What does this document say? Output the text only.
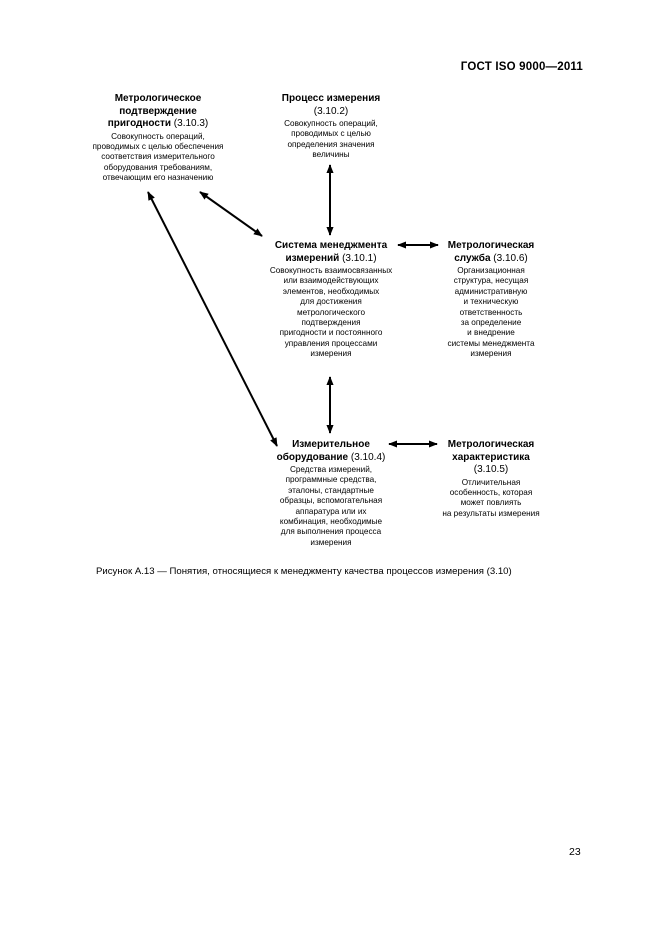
ГОСТ ISO 9000—2011
Метрологическое
подтверждение
пригодности (3.10.3)
Совокупность операций,
проводимых с целью обеспечения
соответствия измерительного
оборудования требованиям,
отвечающим его назначению
Процесс измерения
(3.10.2)
Совокупность операций,
проводимых с целью
определения значения
величины
Система менеджмента
измерений (3.10.1)
Совокупность взаимосвязанных
или взаимодействующих
элементов, необходимых
для достижения
метрологического
подтверждения
пригодности и постоянного
управления процессами
измерения
Метрологическая
служба (3.10.6)
Организационная
структура, несущая
административную
и техническую
ответственность
за определение
и внедрение
системы менеджмента
измерения
Измерительное
оборудование (3.10.4)
Средства измерений,
программные средства,
эталоны, стандартные
образцы, вспомогательная
аппаратура или их
комбинация, необходимые
для выполнения процесса
измерения
Метрологическая
характеристика
(3.10.5)
Отличительная
особенность, которая
может повлиять
на результаты измерения
Рисунок А.13 — Понятия, относящиеся к менеджменту качества процессов измерения (3.10)
23
